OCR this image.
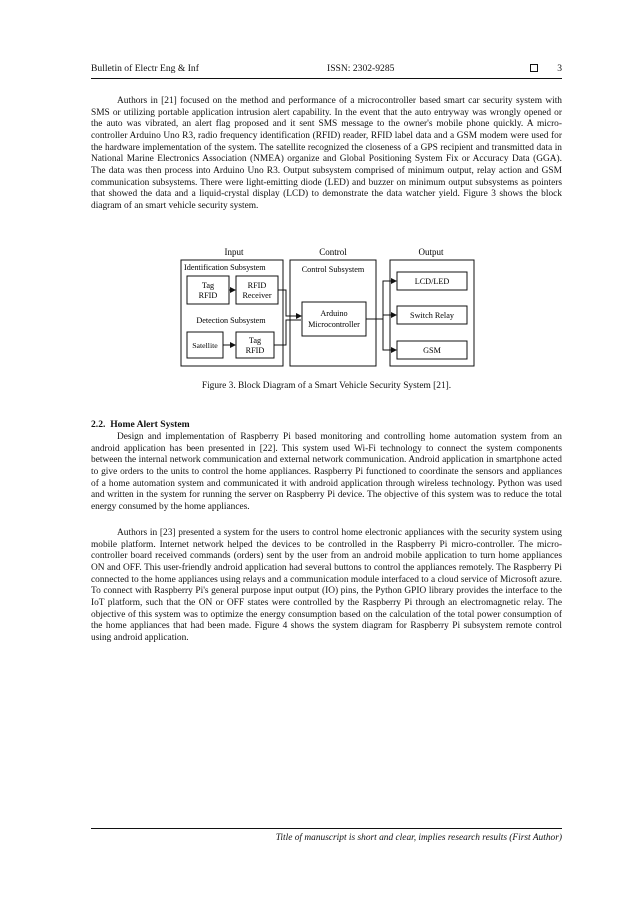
Bulletin of Electr Eng & Inf	ISSN: 2302-9285	3

Authors in [21] focused on the method and performance of a microcontroller based smart car security system with SMS or utilizing portable application intrusion alert capability. In the event that the auto entryway was wrongly opened or the auto was vibrated, an alert flag proposed and it sent SMS message to the owner's mobile phone quickly. A micro-controller Arduino Uno R3, radio frequency identification (RFID) reader, RFID label data and a GSM modem were used for the hardware implementation of the system. The satellite recognized the closeness of a GPS recipient and transmitted data in National Marine Electronics Association (NMEA) organize and Global Positioning System Fix or Accuracy Data (GGA). The data was then process into Arduino Uno R3. Output subsystem comprised of minimum output, relay action and GSM communication subsystems. There were light-emitting diode (LED) and buzzer on minimum output subsystems as pointers that showed the data and a liquid-crystal display (LCD) to demonstrate the data watcher yield. Figure 3 shows the block diagram of an smart vehicle security system.

Input	Control	Output
Identification Subsystem
Tag
RFID
RFID
Receiver
Detection Subsystem
Satellite
Tag
RFID
Control Subsystem
Arduino
Microcontroller
LCD/LED
Switch Relay
GSM
Figure 3. Block Diagram of a Smart Vehicle Security System [21].
2.2. Home Alert System

Design and implementation of Raspberry Pi based monitoring and controlling home automation system from an android application has been presented in [22]. This system used Wi-Fi technology to connect the system components between the internal network communication and external network communication. Android application in smartphone acted to give orders to the units to control the home appliances. Raspberry Pi functioned to coordinate the sensors and appliances of a home automation system and communicated it with android application through wireless technology. Python was used and written in the system for running the server on Raspberry Pi device. The objective of this system was to reduce the total energy consumed by the home appliances.

Authors in [23] presented a system for the users to control home electronic appliances with the security system using mobile platform. Internet network helped the devices to be controlled in the Raspberry Pi micro-controller. The micro-controller board received commands (orders) sent by the user from an android mobile application to turn home appliances ON and OFF. This user-friendly android application had several buttons to control the appliances remotely. The Raspberry Pi connected to the home appliances using relays and a communication module interfaced to a cloud service of Microsoft azure. To connect with Raspberry Pi's general purpose input output (IO) pins, the Python GPIO library provides the interface to the IoT platform, such that the ON or OFF states were controlled by the Raspberry Pi through an electromagnetic relay. The objective of this system was to optimize the energy consumption based on the calculation of the total power consumption of the home appliances that had been made. Figure 4 shows the system diagram for Raspberry Pi subsystem remote control using android application.

Title of manuscript is short and clear, implies research results (First Author)
